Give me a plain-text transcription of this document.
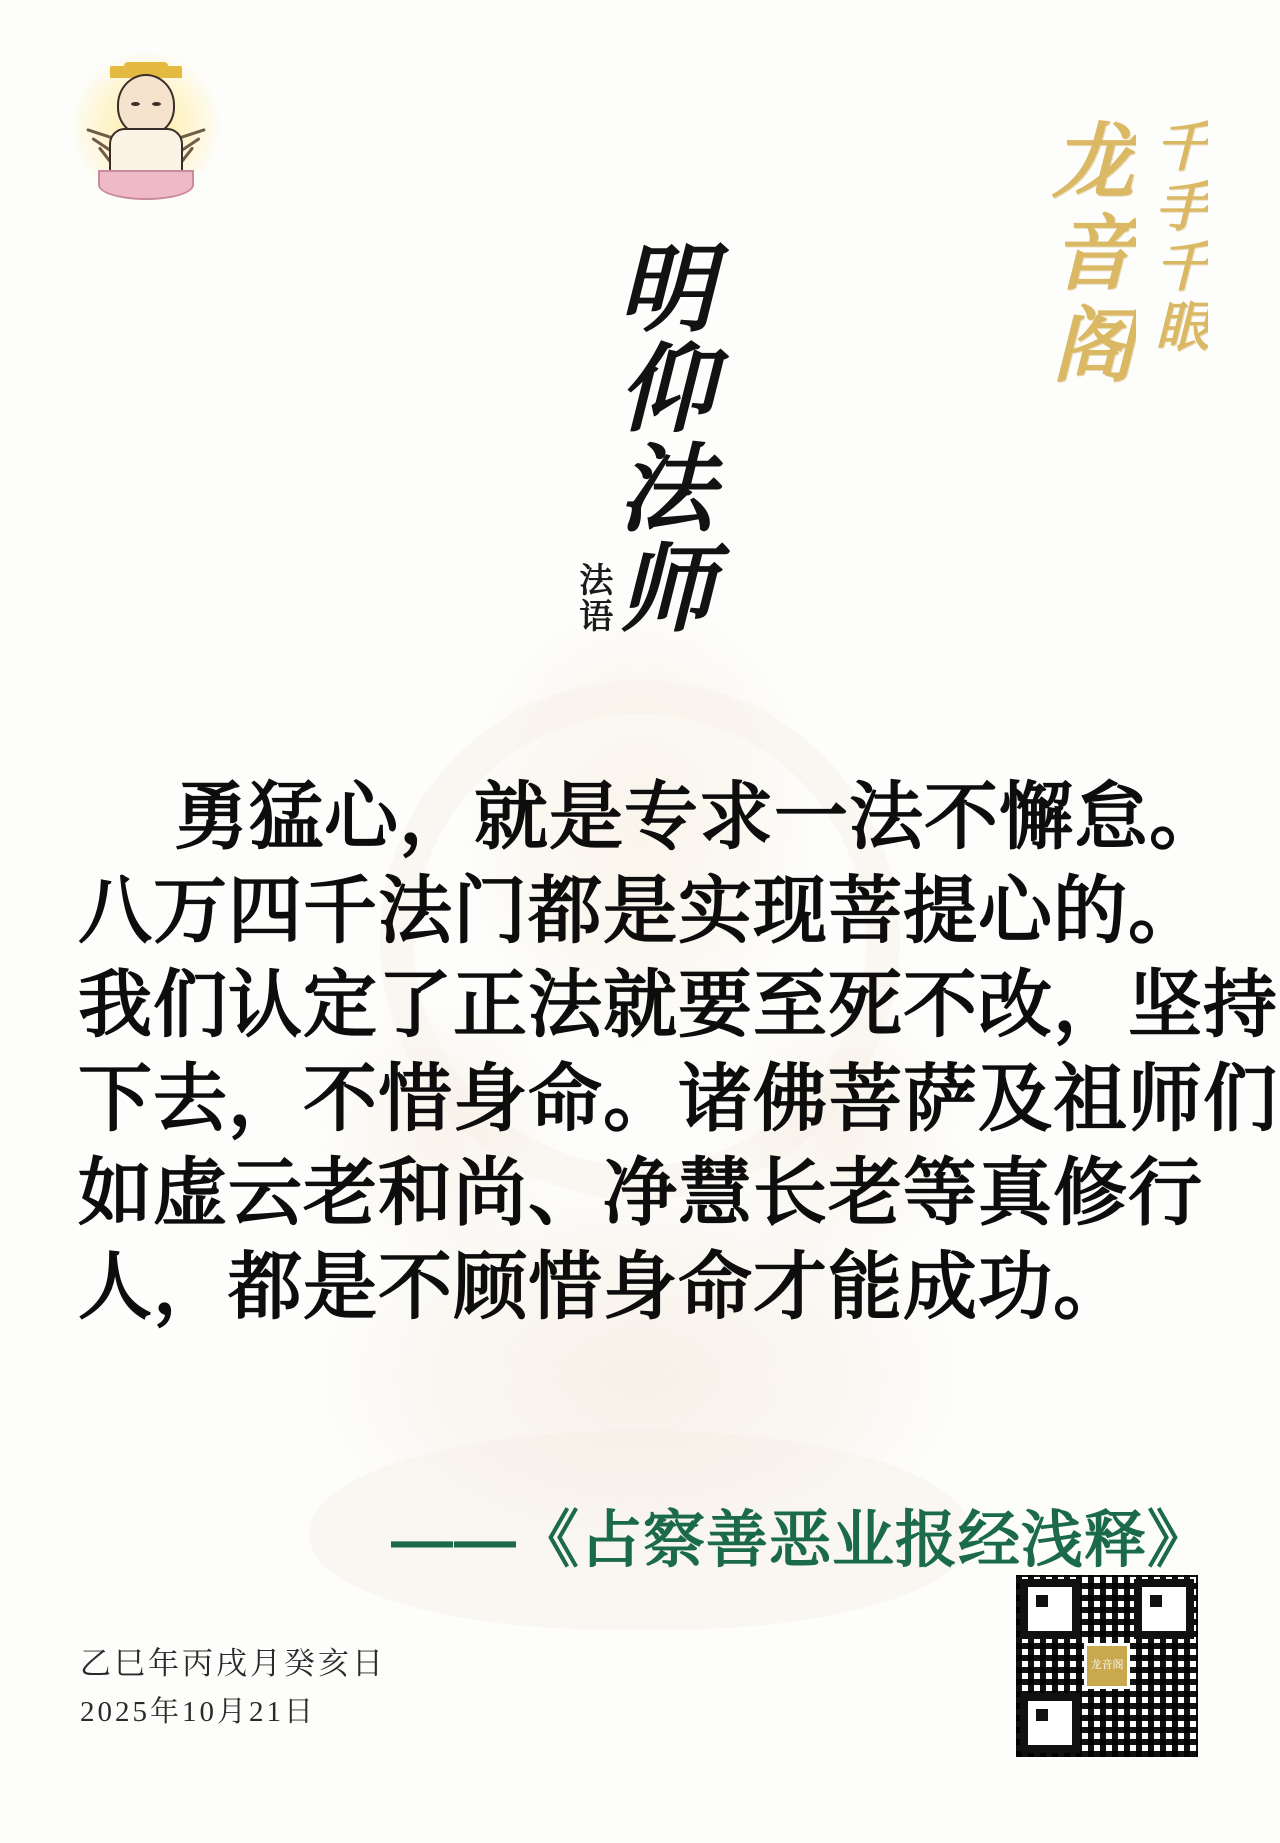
千手千眼
龙音阁
法语
明仰法师
勇猛心，就是专求一法不懈怠。
八万四千法门都是实现菩提心的。
我们认定了正法就要至死不改，坚持
下去，不惜身命。诸佛菩萨及祖师们
如虚云老和尚、净慧长老等真修行
人，都是不顾惜身命才能成功。
——《占察善恶业报经浅释》
乙巳年丙戌月癸亥日
2025年10月21日
龙音阁
